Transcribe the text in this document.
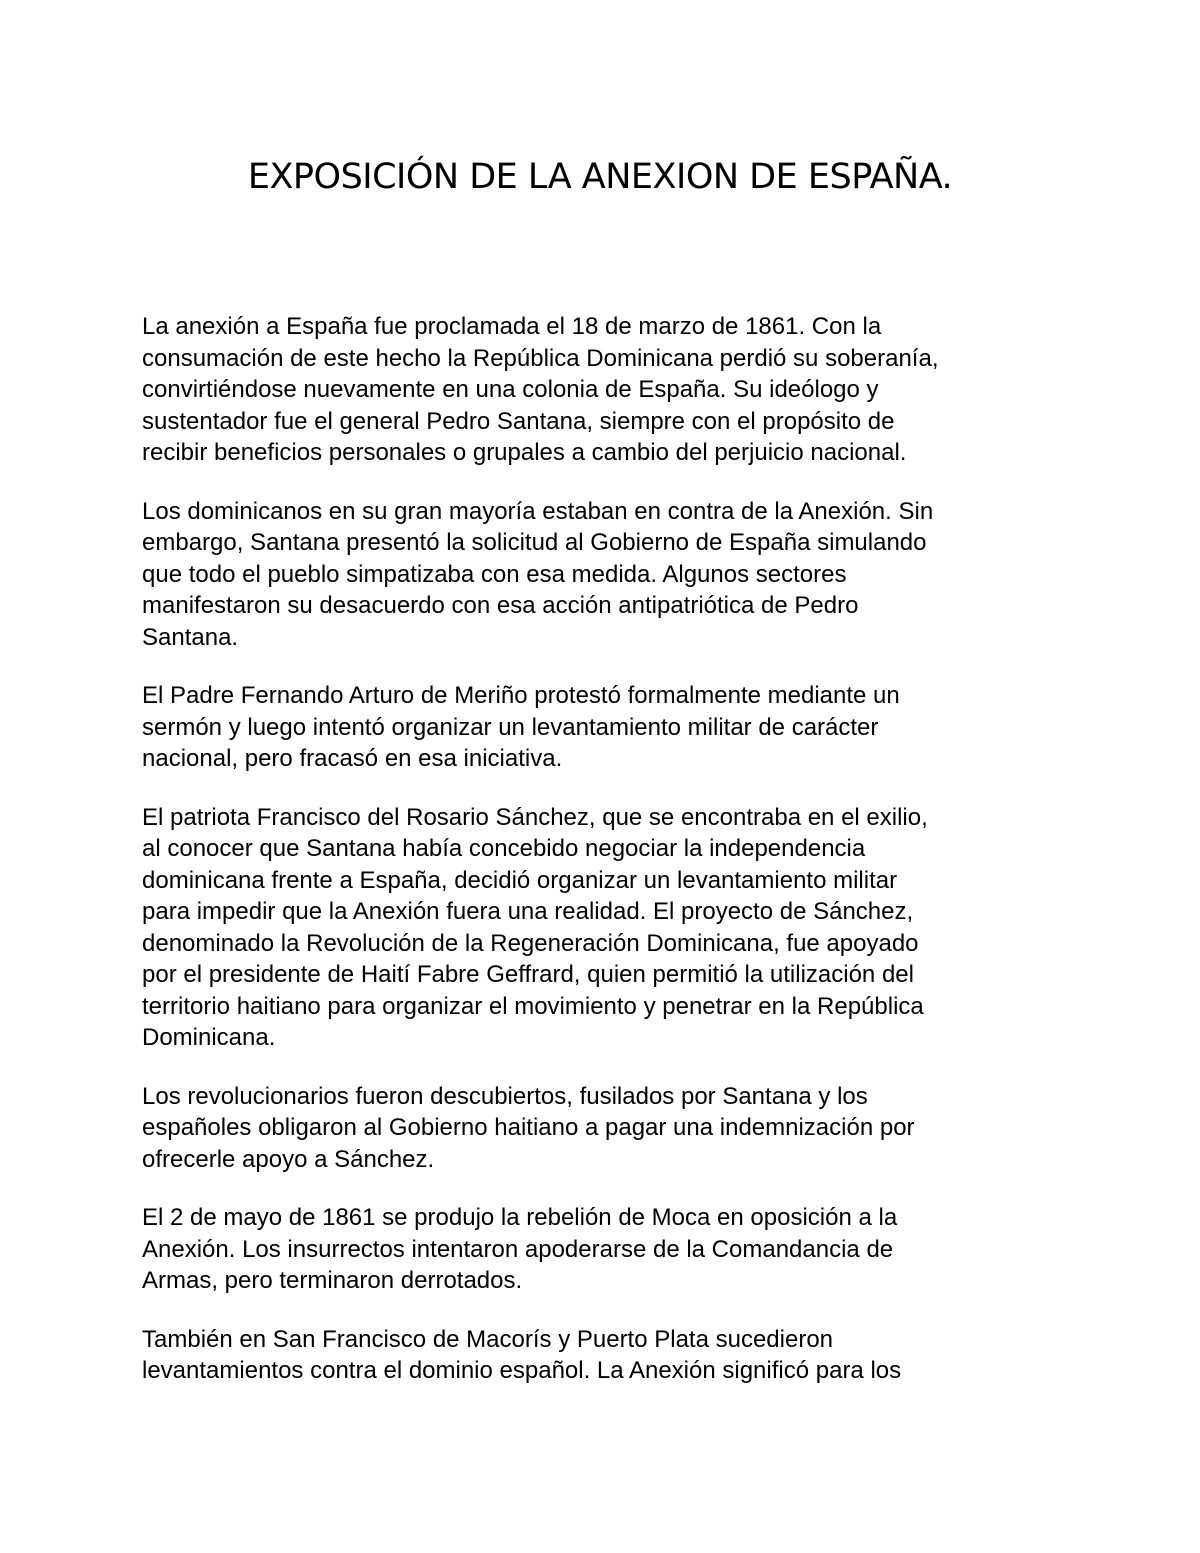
EXPOSICIÓN DE LA ANEXION DE ESPAÑA.
La anexión a España fue proclamada el 18 de marzo de 1861. Con la
consumación de este hecho la República Dominicana perdió su soberanía,
convirtiéndose nuevamente en una colonia de España. Su ideólogo y
sustentador fue el general Pedro Santana, siempre con el propósito de
recibir beneficios personales o grupales a cambio del perjuicio nacional.
Los dominicanos en su gran mayoría estaban en contra de la Anexión. Sin
embargo, Santana presentó la solicitud al Gobierno de España simulando
que todo el pueblo simpatizaba con esa medida. Algunos sectores
manifestaron su desacuerdo con esa acción antipatriótica de Pedro
Santana.
El Padre Fernando Arturo de Meriño protestó formalmente mediante un
sermón y luego intentó organizar un levantamiento militar de carácter
nacional, pero fracasó en esa iniciativa.
El patriota Francisco del Rosario Sánchez, que se encontraba en el exilio,
al conocer que Santana había concebido negociar la independencia
dominicana frente a España, decidió organizar un levantamiento militar
para impedir que la Anexión fuera una realidad. El proyecto de Sánchez,
denominado la Revolución de la Regeneración Dominicana, fue apoyado
por el presidente de Haití Fabre Geffrard, quien permitió la utilización del
territorio haitiano para organizar el movimiento y penetrar en la República
Dominicana.
Los revolucionarios fueron descubiertos, fusilados por Santana y los
españoles obligaron al Gobierno haitiano a pagar una indemnización por
ofrecerle apoyo a Sánchez.
El 2 de mayo de 1861 se produjo la rebelión de Moca en oposición a la
Anexión. Los insurrectos intentaron apoderarse de la Comandancia de
Armas, pero terminaron derrotados.
También en San Francisco de Macorís y Puerto Plata sucedieron
levantamientos contra el dominio español. La Anexión significó para los
